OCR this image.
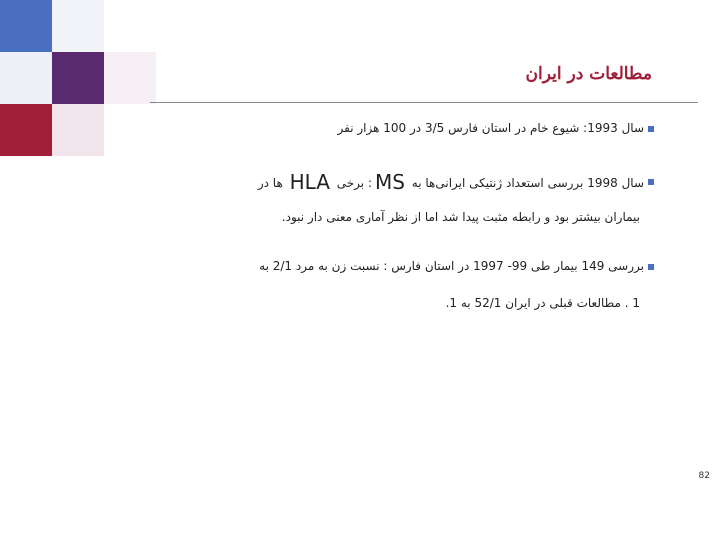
مطالعات در ایران
سال 1993: شیوع خام در استان فارس 3/5 در 100 هزار نفر
سال 1998 بررسی استعداد ژنتیکی ایرانی‌ها به MS: برخی HLA ها در
بیماران بیشتر بود و رابطه مثبت پیدا شد اما از نظر آماری معنی دار نبود.
بررسی 149 بیمار طی 99- 1997 در استان فارس : نسبت زن به مرد 2/1 به
1 . مطالعات قبلی در ایران 52/1 به 1.
82
